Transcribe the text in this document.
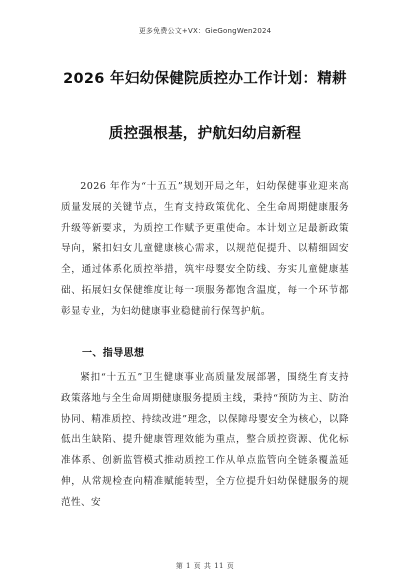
更多免费公文+VX：GieGongWen2024
2026 年妇幼保健院质控办工作计划：精耕
质控强根基，护航妇幼启新程
2026 年作为“十五五”规划开局之年，妇幼保健事业迎来高质量发展的关键节点，生育支持政策优化、全生命周期健康服务升级等新要求，为质控工作赋予更重使命。本计划立足最新政策导向，紧扣妇女儿童健康核心需求，以规范促提升、以精细固安全，通过体系化质控举措，筑牢母婴安全防线、夯实儿童健康基础、拓展妇女保健维度让每一项服务都饱含温度，每一个环节都彰显专业，为妇幼健康事业稳健前行保驾护航。
一、指导思想
紧扣“十五五”卫生健康事业高质量发展部署，围绕生育支持政策落地与全生命周期健康服务提质主线，秉持“预防为主、防治协同、精准质控、持续改进”理念，以保障母婴安全为核心，以降低出生缺陷、提升健康管理效能为重点，整合质控资源、优化标准体系、创新监管模式推动质控工作从单点监管向全链条覆盖延伸，从常规检查向精准赋能转型，全方位提升妇幼保健服务的规范性、安
第 1 页 共 11 页
